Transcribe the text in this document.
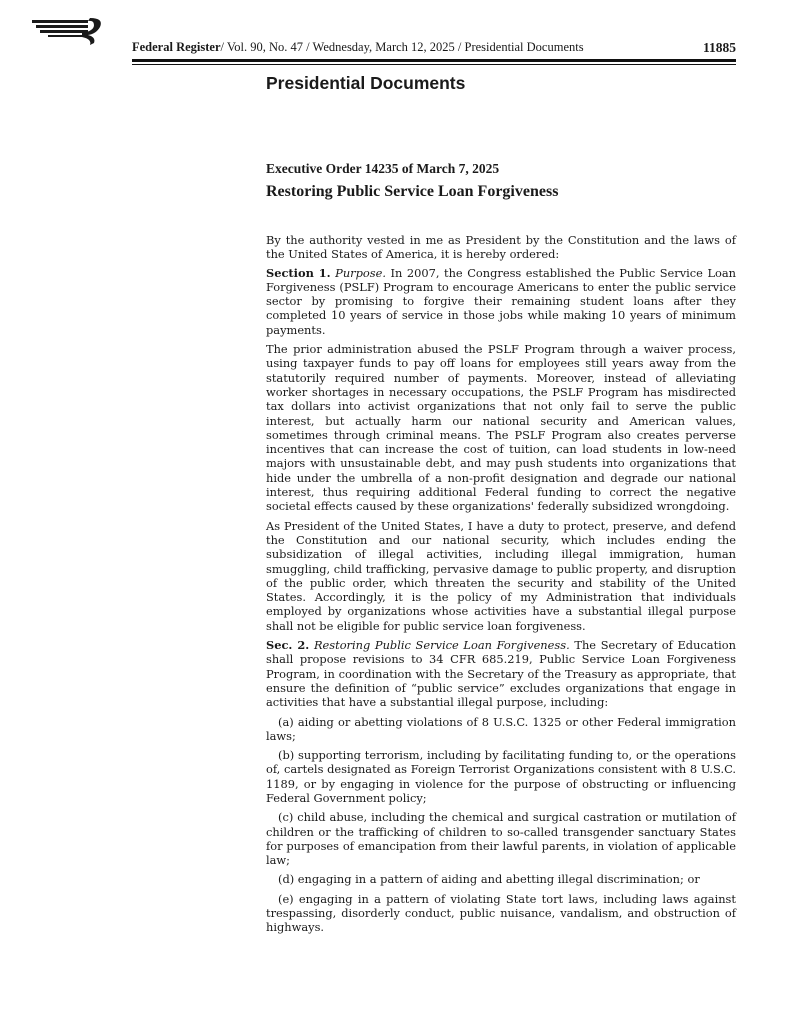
Federal Register/ Vol. 90, No. 47 / Wednesday, March 12, 2025 / Presidential Documents	11885
Presidential Documents
Executive Order 14235 of March 7, 2025
Restoring Public Service Loan Forgiveness

By the authority vested in me as President by the Constitution and the laws of the United States of America, it is hereby ordered:

Section 1. Purpose. In 2007, the Congress established the Public Service Loan Forgiveness (PSLF) Program to encourage Americans to enter the public service sector by promising to forgive their remaining student loans after they completed 10 years of service in those jobs while making 10 years of minimum payments.

The prior administration abused the PSLF Program through a waiver process, using taxpayer funds to pay off loans for employees still years away from the statutorily required number of payments. Moreover, instead of alleviating worker shortages in necessary occupations, the PSLF Program has misdirected tax dollars into activist organizations that not only fail to serve the public interest, but actually harm our national security and American values, sometimes through criminal means. The PSLF Program also creates perverse incentives that can increase the cost of tuition, can load students in low-need majors with unsustainable debt, and may push students into organizations that hide under the umbrella of a non-profit designation and degrade our national interest, thus requiring additional Federal funding to correct the negative societal effects caused by these organizations' federally subsidized wrongdoing.

As President of the United States, I have a duty to protect, preserve, and defend the Constitution and our national security, which includes ending the subsidization of illegal activities, including illegal immigration, human smuggling, child trafficking, pervasive damage to public property, and disruption of the public order, which threaten the security and stability of the United States. Accordingly, it is the policy of my Administration that individuals employed by organizations whose activities have a substantial illegal purpose shall not be eligible for public service loan forgiveness.

Sec. 2. Restoring Public Service Loan Forgiveness. The Secretary of Education shall propose revisions to 34 CFR 685.219, Public Service Loan Forgiveness Program, in coordination with the Secretary of the Treasury as appropriate, that ensure the definition of “public service” excludes organizations that engage in activities that have a substantial illegal purpose, including:

(a) aiding or abetting violations of 8 U.S.C. 1325 or other Federal immigration laws;

(b) supporting terrorism, including by facilitating funding to, or the operations of, cartels designated as Foreign Terrorist Organizations consistent with 8 U.S.C. 1189, or by engaging in violence for the purpose of obstructing or influencing Federal Government policy;

(c) child abuse, including the chemical and surgical castration or mutilation of children or the trafficking of children to so-called transgender sanctuary States for purposes of emancipation from their lawful parents, in violation of applicable law;

(d) engaging in a pattern of aiding and abetting illegal discrimination; or

(e) engaging in a pattern of violating State tort laws, including laws against trespassing, disorderly conduct, public nuisance, vandalism, and obstruction of highways.
